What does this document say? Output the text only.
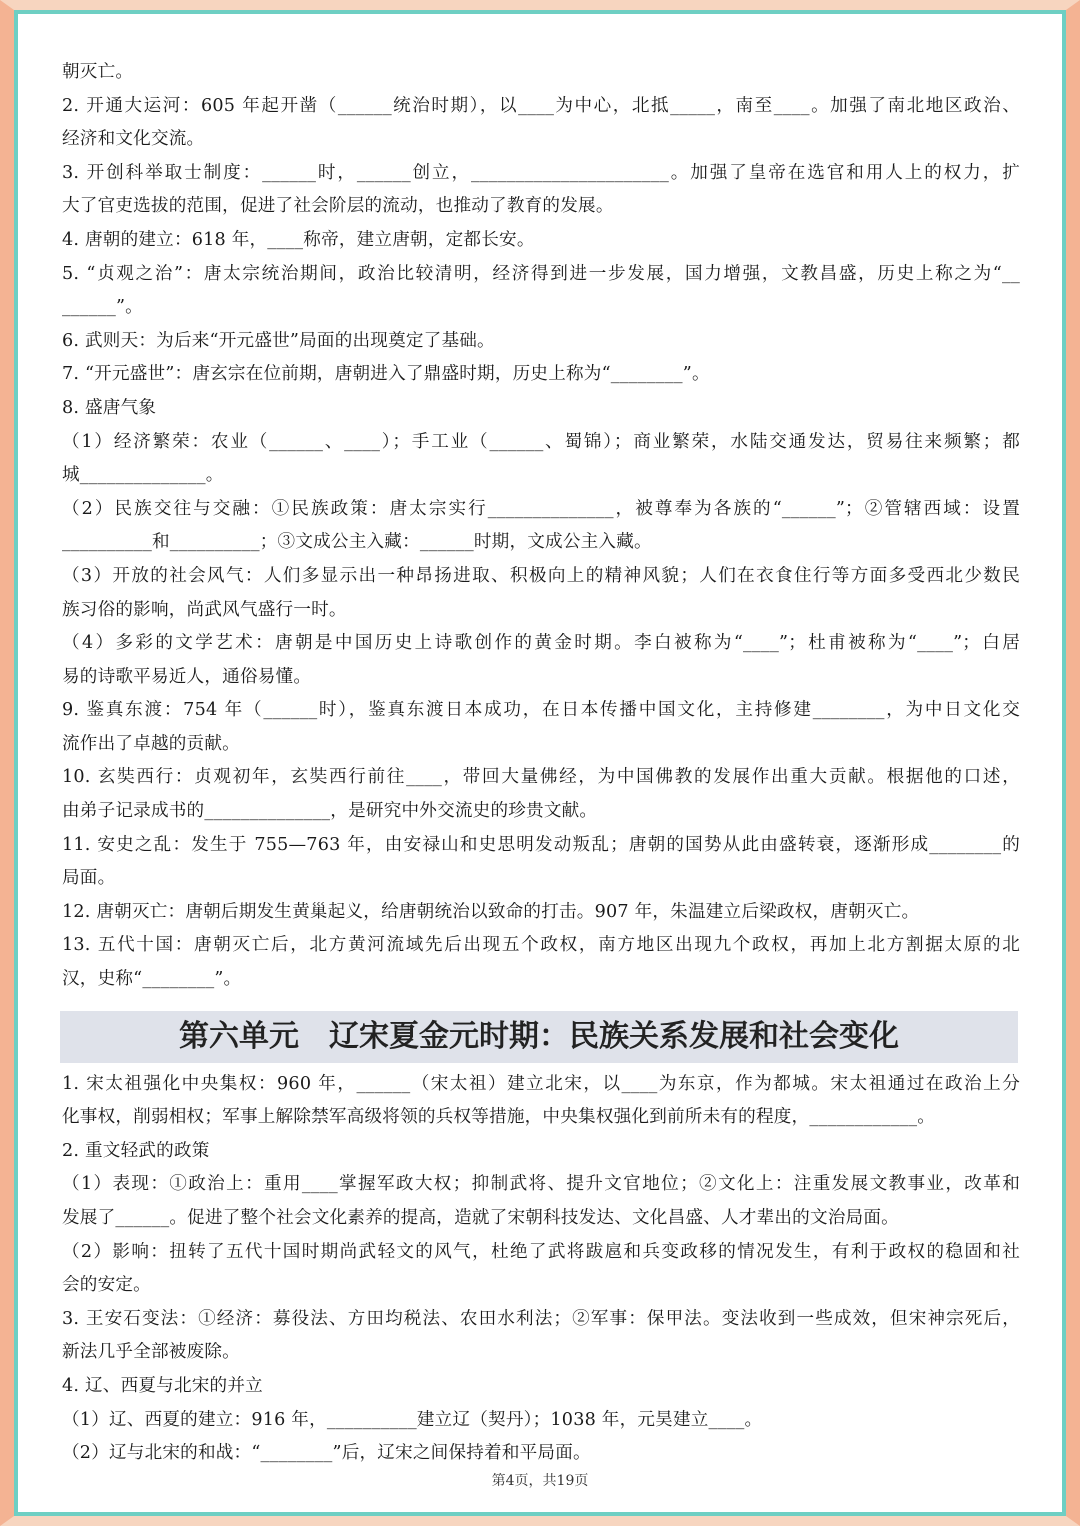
朝灭亡。
2. 开通大运河：605 年起开凿（______统治时期），以____为中心，北抵_____，南至____。加强了南北地区政治、
经济和文化交流。
3. 开创科举取士制度：______时，______创立，______________________。加强了皇帝在选官和用人上的权力，扩
大了官吏选拔的范围，促进了社会阶层的流动，也推动了教育的发展。
4. 唐朝的建立：618 年，____称帝，建立唐朝，定都长安。
5. “贞观之治”：唐太宗统治期间，政治比较清明，经济得到进一步发展，国力增强，文教昌盛，历史上称之为“__
______”。
6. 武则天：为后来“开元盛世”局面的出现奠定了基础。
7. “开元盛世”：唐玄宗在位前期，唐朝进入了鼎盛时期，历史上称为“________”。
8. 盛唐气象
（1）经济繁荣：农业（______、____）；手工业（______、蜀锦）；商业繁荣，水陆交通发达，贸易往来频繁；都
城______________。
（2）民族交往与交融：①民族政策：唐太宗实行______________，被尊奉为各族的“______”；②管辖西域：设置
__________和__________；③文成公主入藏：______时期，文成公主入藏。
（3）开放的社会风气：人们多显示出一种昂扬进取、积极向上的精神风貌；人们在衣食住行等方面多受西北少数民
族习俗的影响，尚武风气盛行一时。
（4）多彩的文学艺术：唐朝是中国历史上诗歌创作的黄金时期。李白被称为“____”；杜甫被称为“____”；白居
易的诗歌平易近人，通俗易懂。
9. 鉴真东渡：754 年（______时），鉴真东渡日本成功，在日本传播中国文化，主持修建________，为中日文化交
流作出了卓越的贡献。
10. 玄奘西行：贞观初年，玄奘西行前往____，带回大量佛经，为中国佛教的发展作出重大贡献。根据他的口述，
由弟子记录成书的______________，是研究中外交流史的珍贵文献。
11. 安史之乱：发生于 755—763 年，由安禄山和史思明发动叛乱；唐朝的国势从此由盛转衰，逐渐形成________的
局面。
12. 唐朝灭亡：唐朝后期发生黄巢起义，给唐朝统治以致命的打击。907 年，朱温建立后梁政权，唐朝灭亡。
13. 五代十国：唐朝灭亡后，北方黄河流域先后出现五个政权，南方地区出现九个政权，再加上北方割据太原的北
汉，史称“________”。
第六单元　辽宋夏金元时期：民族关系发展和社会变化
1. 宋太祖强化中央集权：960 年，______（宋太祖）建立北宋，以____为东京，作为都城。宋太祖通过在政治上分
化事权，削弱相权；军事上解除禁军高级将领的兵权等措施，中央集权强化到前所未有的程度，____________。
2. 重文轻武的政策
（1）表现：①政治上：重用____掌握军政大权；抑制武将、提升文官地位；②文化上：注重发展文教事业，改革和
发展了______。促进了整个社会文化素养的提高，造就了宋朝科技发达、文化昌盛、人才辈出的文治局面。
（2）影响：扭转了五代十国时期尚武轻文的风气，杜绝了武将跋扈和兵变政移的情况发生，有利于政权的稳固和社
会的安定。
3. 王安石变法：①经济：募役法、方田均税法、农田水利法；②军事：保甲法。变法收到一些成效，但宋神宗死后，
新法几乎全部被废除。
4. 辽、西夏与北宋的并立
（1）辽、西夏的建立：916 年，__________建立辽（契丹）；1038 年，元昊建立____。
（2）辽与北宋的和战：“________”后，辽宋之间保持着和平局面。
第4页，共19页
